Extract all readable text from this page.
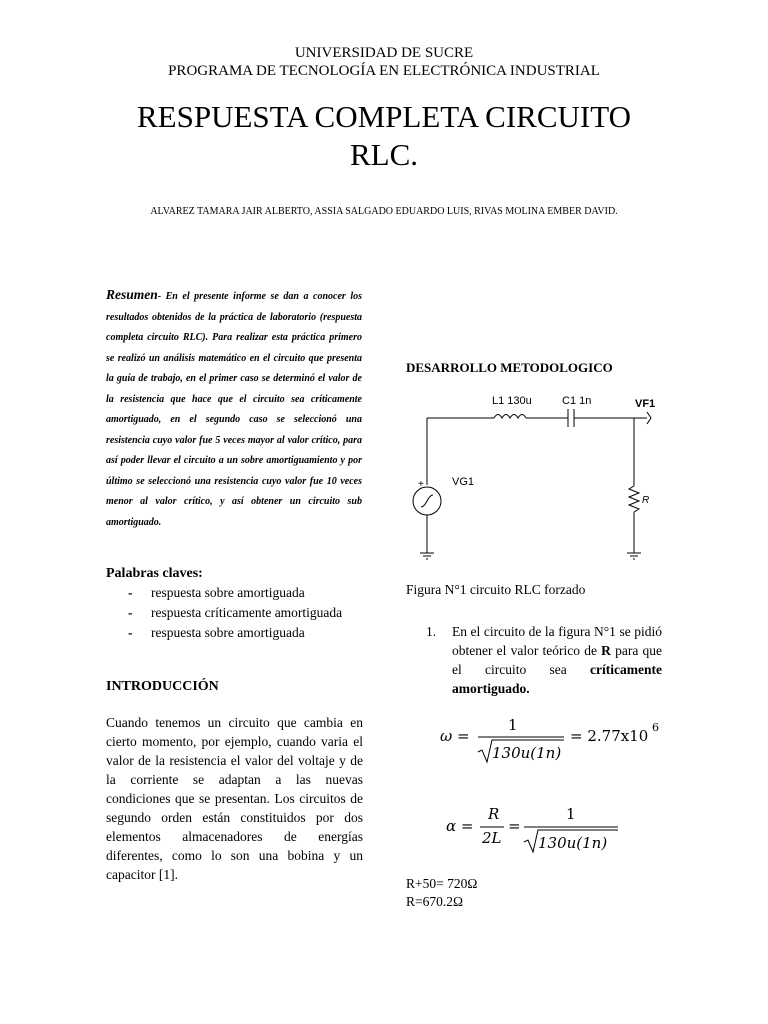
UNIVERSIDAD DE SUCRE
PROGRAMA DE TECNOLOGÍA EN ELECTRÓNICA INDUSTRIAL
RESPUESTA COMPLETA CIRCUITO
RLC.
ALVAREZ TAMARA JAIR ALBERTO, ASSIA SALGADO EDUARDO LUIS, RIVAS MOLINA EMBER DAVID.
Resumen- En el presente informe se dan a conocer los resultados obtenidos de la práctica de laboratorio (respuesta completa circuito RLC). Para realizar esta práctica primero se realizó un análisis matemático en el circuito que presenta la guía de trabajo, en el primer caso se determinó el valor de la resistencia que hace que el circuito sea críticamente amortiguado, en el segundo caso se seleccionó una resistencia cuyo valor fue 5 veces mayor al valor crítico, para así poder llevar el circuito a un sobre amortiguamiento y por último se seleccionó una resistencia cuyo valor fue 10 veces menor al valor crítico, y así obtener un circuito sub amortiguado.
Palabras claves:
- respuesta sobre amortiguada
- respuesta críticamente amortiguada
- respuesta sobre amortiguada
INTRODUCCIÓN
Cuando tenemos un circuito que cambia en cierto momento, por ejemplo, cuando varia el valor de la resistencia el valor del voltaje y de la corriente se adaptan a las nuevas condiciones que se presentan. Los circuitos de segundo orden están constituidos por dos elementos almacenadores de energías diferentes, como lo son una bobina y un capacitor [1].
DESARROLLO METODOLOGICO
L1 130u	C1 1n	VF1
VG1
+
R
Figura N°1 circuito RLC forzado
1. En el circuito de la figura N°1 se pidió obtener el valor teórico de R para que el circuito sea críticamente amortiguado.
ω =
1
130u(1n)
= 2.77x10 6
α =
R
2L
=
1
130u(1n)
R+50= 720Ω
R=670.2Ω
